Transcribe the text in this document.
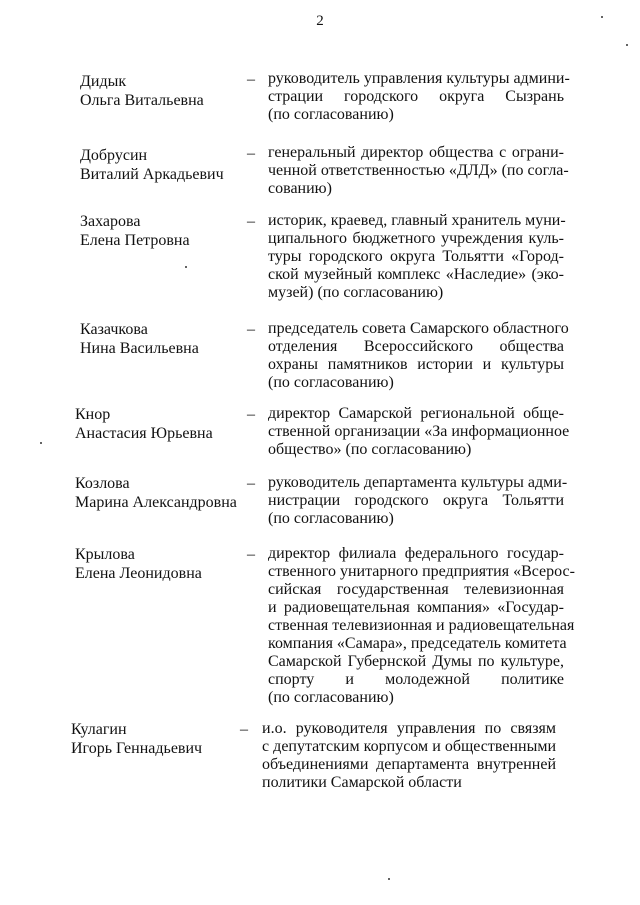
2
Дидык
Ольга Витальевна
– руководитель управления культуры админи-
страции городского округа Сызрань
(по согласованию)
Добрусин
Виталий Аркадьевич
– генеральный директор общества с ограни-
ченной ответственностью «ДЛД» (по согла-
сованию)
Захарова
Елена Петровна
– историк, краевед, главный хранитель муни-
ципального бюджетного учреждения куль-
туры городского округа Тольятти «Город-
ской музейный комплекс «Наследие» (эко-
музей) (по согласованию)
Казачкова
Нина Васильевна
– председатель совета Самарского областного
отделения Всероссийского общества
охраны памятников истории и культуры
(по согласованию)
Кнор
Анастасия Юрьевна
– директор Самарской региональной обще-
ственной организации «За информационное
общество» (по согласованию)
Козлова
Марина Александровна
– руководитель департамента культуры адми-
нистрации городского округа Тольятти
(по согласованию)
Крылова
Елена Леонидовна
– директор филиала федерального государ-
ственного унитарного предприятия «Всерос-
сийская государственная телевизионная
и радиовещательная компания» «Государ-
ственная телевизионная и радиовещательная
компания «Самара», председатель комитета
Самарской Губернской Думы по культуре,
спорту и молодежной политике
(по согласованию)
Кулагин
Игорь Геннадьевич
– и.о. руководителя управления по связям
с депутатским корпусом и общественными
объединениями департамента внутренней
политики Самарской области
